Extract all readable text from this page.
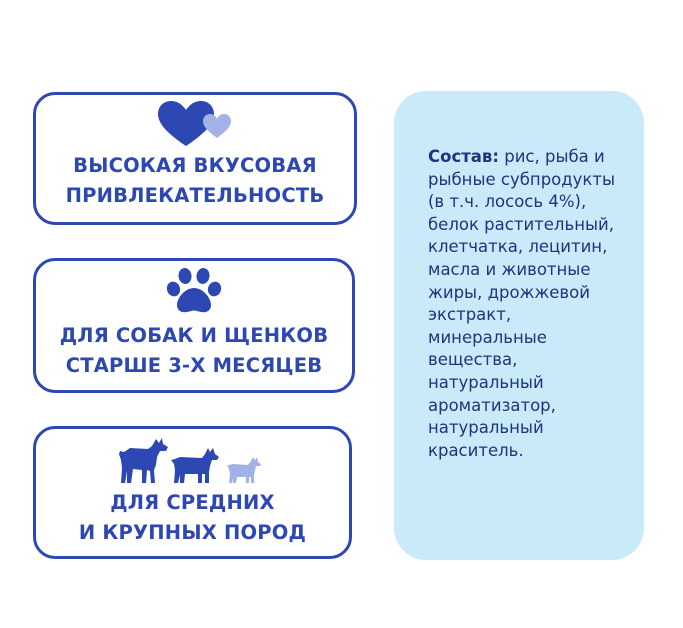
ВЫСОКАЯ ВКУСОВАЯ
ПРИВЛЕКАТЕЛЬНОСТЬ
ДЛЯ СОБАК И ЩЕНКОВ
СТАРШЕ 3-Х МЕСЯЦЕВ
ДЛЯ СРЕДНИХ
И КРУПНЫХ ПОРОД

Состав: рис, рыба и рыбные субпродукты (в т.ч. лосось 4%), белок растительный, клетчатка, лецитин, масла и животные жиры, дрожжевой экстракт, минеральные вещества, натуральный ароматизатор, натуральный краситель.
